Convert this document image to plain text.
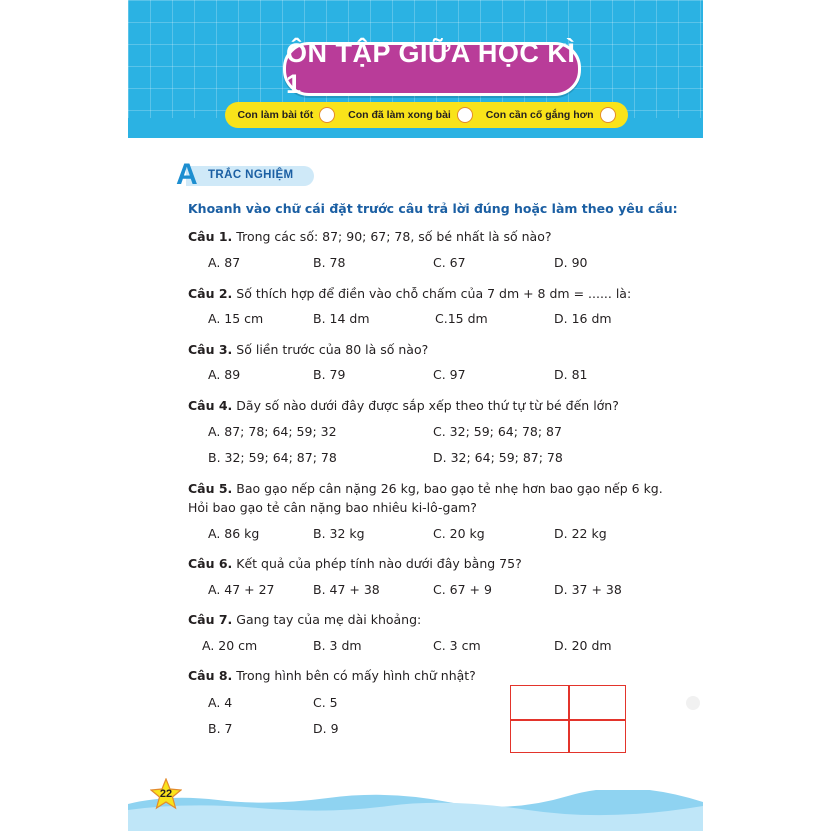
ÔN TẬP GIỮA HỌC KÌ 1
Con làm bài tốt	Con đã làm xong bài	Con cần cố gắng hơn
A TRẮC NGHIỆM
Khoanh vào chữ cái đặt trước câu trả lời đúng hoặc làm theo yêu cầu:
Câu 1. Trong các số: 87; 90; 67; 78, số bé nhất là số nào?
A. 87	B. 78	C. 67	D. 90
Câu 2. Số thích hợp để điền vào chỗ chấm của 7 dm + 8 dm = ...... là:
A. 15 cm	B. 14 dm	C.15 dm	D. 16 dm
Câu 3. Số liền trước của 80 là số nào?
A. 89	B. 79	C. 97	D. 81
Câu 4. Dãy số nào dưới đây được sắp xếp theo thứ tự từ bé đến lớn?
A. 87; 78; 64; 59; 32	C. 32; 59; 64; 78; 87
B. 32; 59; 64; 87; 78	D. 32; 64; 59; 87; 78
Câu 5. Bao gạo nếp cân nặng 26 kg, bao gạo tẻ nhẹ hơn bao gạo nếp 6 kg.
Hỏi bao gạo tẻ cân nặng bao nhiêu ki-lô-gam?
A. 86 kg	B. 32 kg	C. 20 kg	D. 22 kg
Câu 6. Kết quả của phép tính nào dưới đây bằng 75?
A. 47 + 27	B. 47 + 38	C. 67 + 9	D. 37 + 38
Câu 7. Gang tay của mẹ dài khoảng:
A. 20 cm	B. 3 dm	C. 3 cm	D. 20 dm
Câu 8. Trong hình bên có mấy hình chữ nhật?
A. 4	C. 5
B. 7	D. 9
22
